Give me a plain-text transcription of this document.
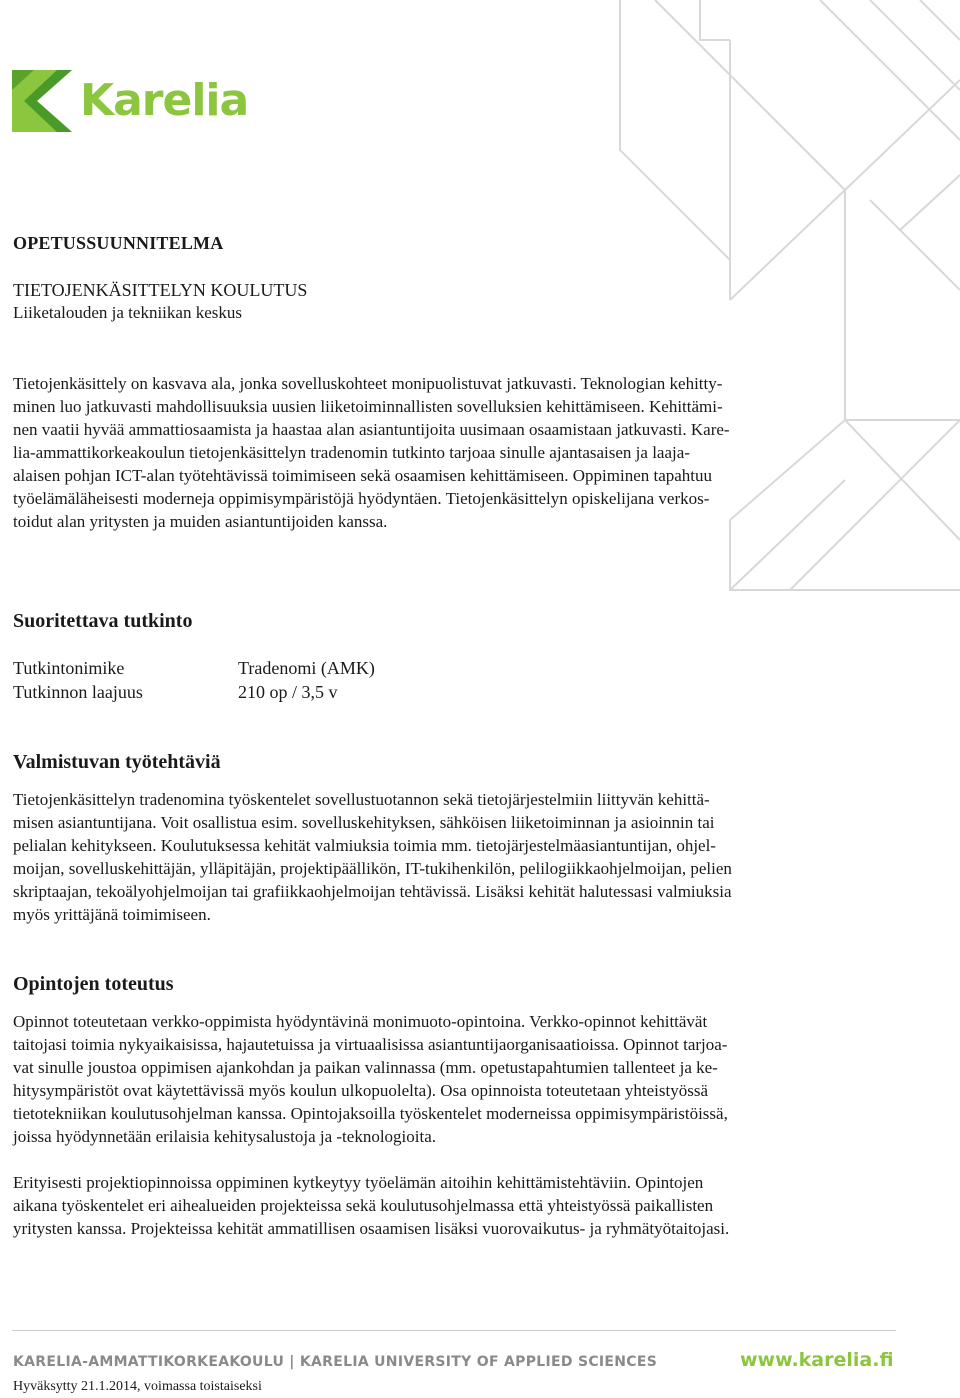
Karelia
OPETUSSUUNNITELMA
TIETOJENKÄSITTELYN KOULUTUS
Liiketalouden ja tekniikan keskus
Tietojenkäsittely on kasvava ala, jonka sovelluskohteet monipuolistuvat jatkuvasti. Teknologian kehitty-
minen luo jatkuvasti mahdollisuuksia uusien liiketoiminnallisten sovelluksien kehittämiseen. Kehittämi-
nen vaatii hyvää ammattiosaamista ja haastaa alan asiantuntijoita uusimaan osaamistaan jatkuvasti. Kare-
lia-ammattikorkeakoulun tietojenkäsittelyn tradenomin tutkinto tarjoaa sinulle ajantasaisen ja laaja-
alaisen pohjan ICT-alan työtehtävissä toimimiseen sekä osaamisen kehittämiseen. Oppiminen tapahtuu
työelämäläheisesti moderneja oppimisympäristöjä hyödyntäen. Tietojenkäsittelyn opiskelijana verkos-
toidut alan yritysten ja muiden asiantuntijoiden kanssa.
Suoritettava tutkinto
Tutkintonimike	Tradenomi (AMK)
Tutkinnon laajuus	210 op / 3,5 v
Valmistuvan työtehtäviä
Tietojenkäsittelyn tradenomina työskentelet sovellustuotannon sekä tietojärjestelmiin liittyvän kehittä-
misen asiantuntijana. Voit osallistua esim. sovelluskehityksen, sähköisen liiketoiminnan ja asioinnin tai
pelialan kehitykseen. Koulutuksessa kehität valmiuksia toimia mm. tietojärjestelmäasiantuntijan, ohjel-
moijan, sovelluskehittäjän, ylläpitäjän, projektipäällikön, IT-tukihenkilön, pelilogiikkaohjelmoijan, pelien
skriptaajan, tekoälyohjelmoijan tai grafiikkaohjelmoijan tehtävissä. Lisäksi kehität halutessasi valmiuksia
myös yrittäjänä toimimiseen.
Opintojen toteutus
Opinnot toteutetaan verkko-oppimista hyödyntävinä monimuoto-opintoina. Verkko-opinnot kehittävät
taitojasi toimia nykyaikaisissa, hajautetuissa ja virtuaalisissa asiantuntijaorganisaatioissa. Opinnot tarjoa-
vat sinulle joustoa oppimisen ajankohdan ja paikan valinnassa (mm. opetustapahtumien tallenteet ja ke-
hitysympäristöt ovat käytettävissä myös koulun ulkopuolelta). Osa opinnoista toteutetaan yhteistyössä
tietotekniikan koulutusohjelman kanssa. Opintojaksoilla työskentelet moderneissa oppimisympäristöissä,
joissa hyödynnetään erilaisia kehitysalustoja ja -teknologioita.
Erityisesti projektiopinnoissa oppiminen kytkeytyy työelämän aitoihin kehittämistehtäviin. Opintojen
aikana työskentelet eri aihealueiden projekteissa sekä koulutusohjelmassa että yhteistyössä paikallisten
yritysten kanssa. Projekteissa kehität ammatillisen osaamisen lisäksi vuorovaikutus- ja ryhmätyötaitojasi.
KARELIA-AMMATTIKORKEAKOULU | KARELIA UNIVERSITY OF APPLIED SCIENCES	www.karelia.fi
Hyväksytty 21.1.2014, voimassa toistaiseksi
